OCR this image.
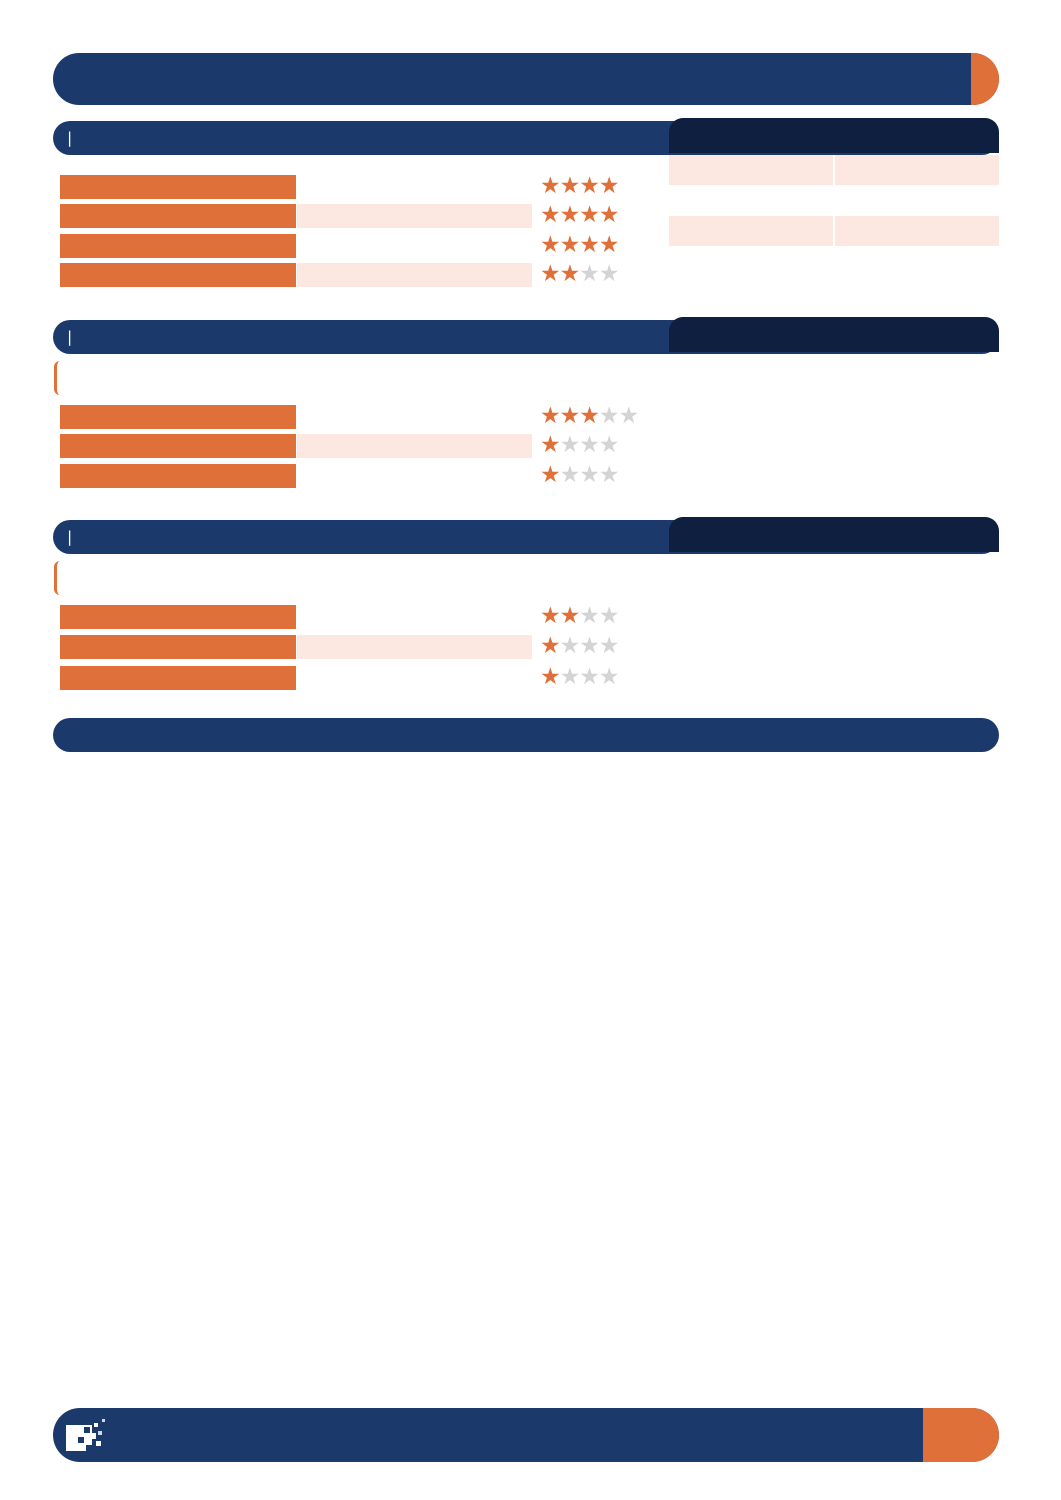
|
★★★★
★★★★
★★★★
★★★★
|
★★★★★
★★★★
★★★★
|
★★★★
★★★★
★★★★
